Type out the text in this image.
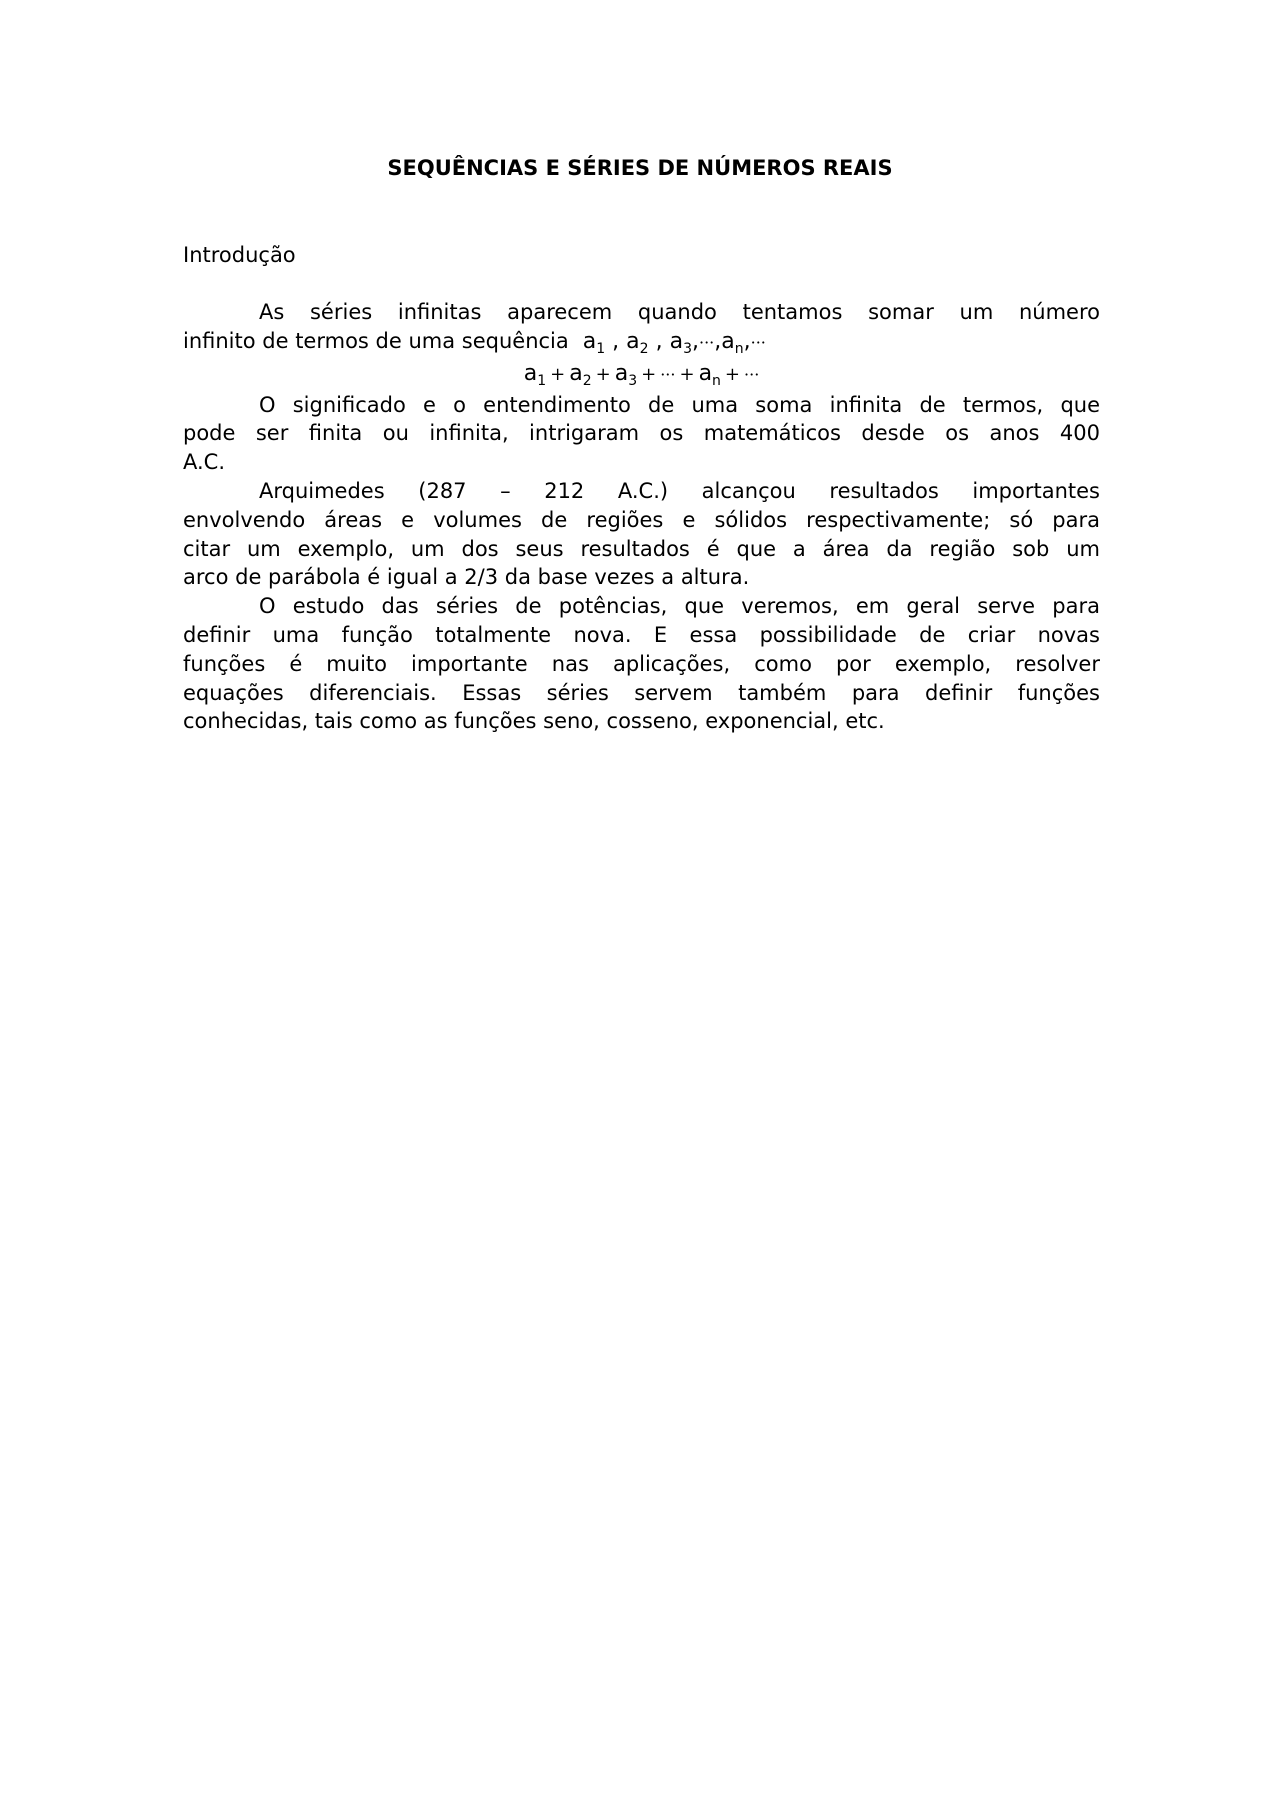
SEQUÊNCIAS E SÉRIES DE NÚMEROS REAIS
Introdução
As séries infinitas aparecem quando tentamos somar um número
infinito de termos de uma sequência $a_1$ , $a_2$ , $a_3,\cdot\cdot\cdot,a_n,\cdot\cdot\cdot$
$a_1 + a_2 + a_3$ + ··· + $a_n$ + ···
O significado e o entendimento de uma soma infinita de termos, que
pode ser finita ou infinita, intrigaram os matemáticos desde os anos 400
A.C.
Arquimedes (287 – 212 A.C.) alcançou resultados importantes
envolvendo áreas e volumes de regiões e sólidos respectivamente; só para
citar um exemplo, um dos seus resultados é que a área da região sob um
arco de parábola é igual a 2/3 da base vezes a altura.
O estudo das séries de potências, que veremos, em geral serve para
definir uma função totalmente nova. E essa possibilidade de criar novas
funções é muito importante nas aplicações, como por exemplo, resolver
equações diferenciais. Essas séries servem também para definir funções
conhecidas, tais como as funções seno, cosseno, exponencial, etc.
